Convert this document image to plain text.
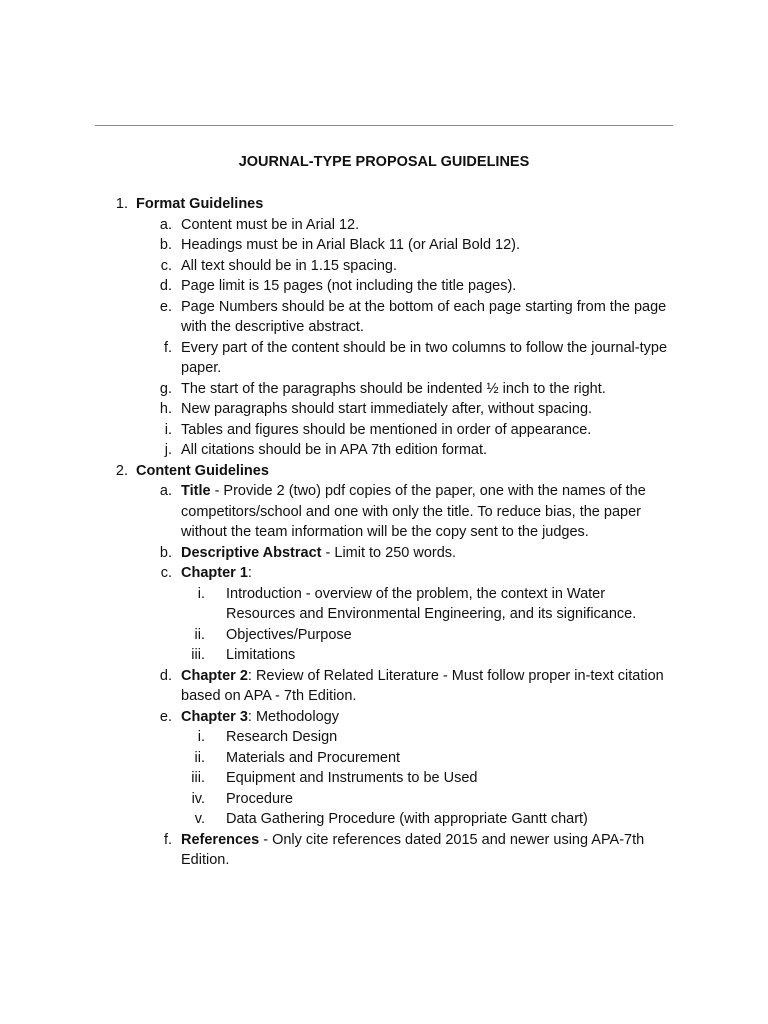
JOURNAL-TYPE PROPOSAL GUIDELINES
1. Format Guidelines
a. Content must be in Arial 12.
b. Headings must be in Arial Black 11 (or Arial Bold 12).
c. All text should be in 1.15 spacing.
d. Page limit is 15 pages (not including the title pages).
e. Page Numbers should be at the bottom of each page starting from the page with the descriptive abstract.
f. Every part of the content should be in two columns to follow the journal-type paper.
g. The start of the paragraphs should be indented ½ inch to the right.
h. New paragraphs should start immediately after, without spacing.
i. Tables and figures should be mentioned in order of appearance.
j. All citations should be in APA 7th edition format.
2. Content Guidelines
a. Title - Provide 2 (two) pdf copies of the paper, one with the names of the competitors/school and one with only the title. To reduce bias, the paper without the team information will be the copy sent to the judges.
b. Descriptive Abstract - Limit to 250 words.
c. Chapter 1:
i. Introduction - overview of the problem, the context in Water Resources and Environmental Engineering, and its significance.
ii. Objectives/Purpose
iii. Limitations
d. Chapter 2: Review of Related Literature - Must follow proper in-text citation based on APA - 7th Edition.
e. Chapter 3: Methodology
i. Research Design
ii. Materials and Procurement
iii. Equipment and Instruments to be Used
iv. Procedure
v. Data Gathering Procedure (with appropriate Gantt chart)
f. References - Only cite references dated 2015 and newer using APA-7th Edition.
